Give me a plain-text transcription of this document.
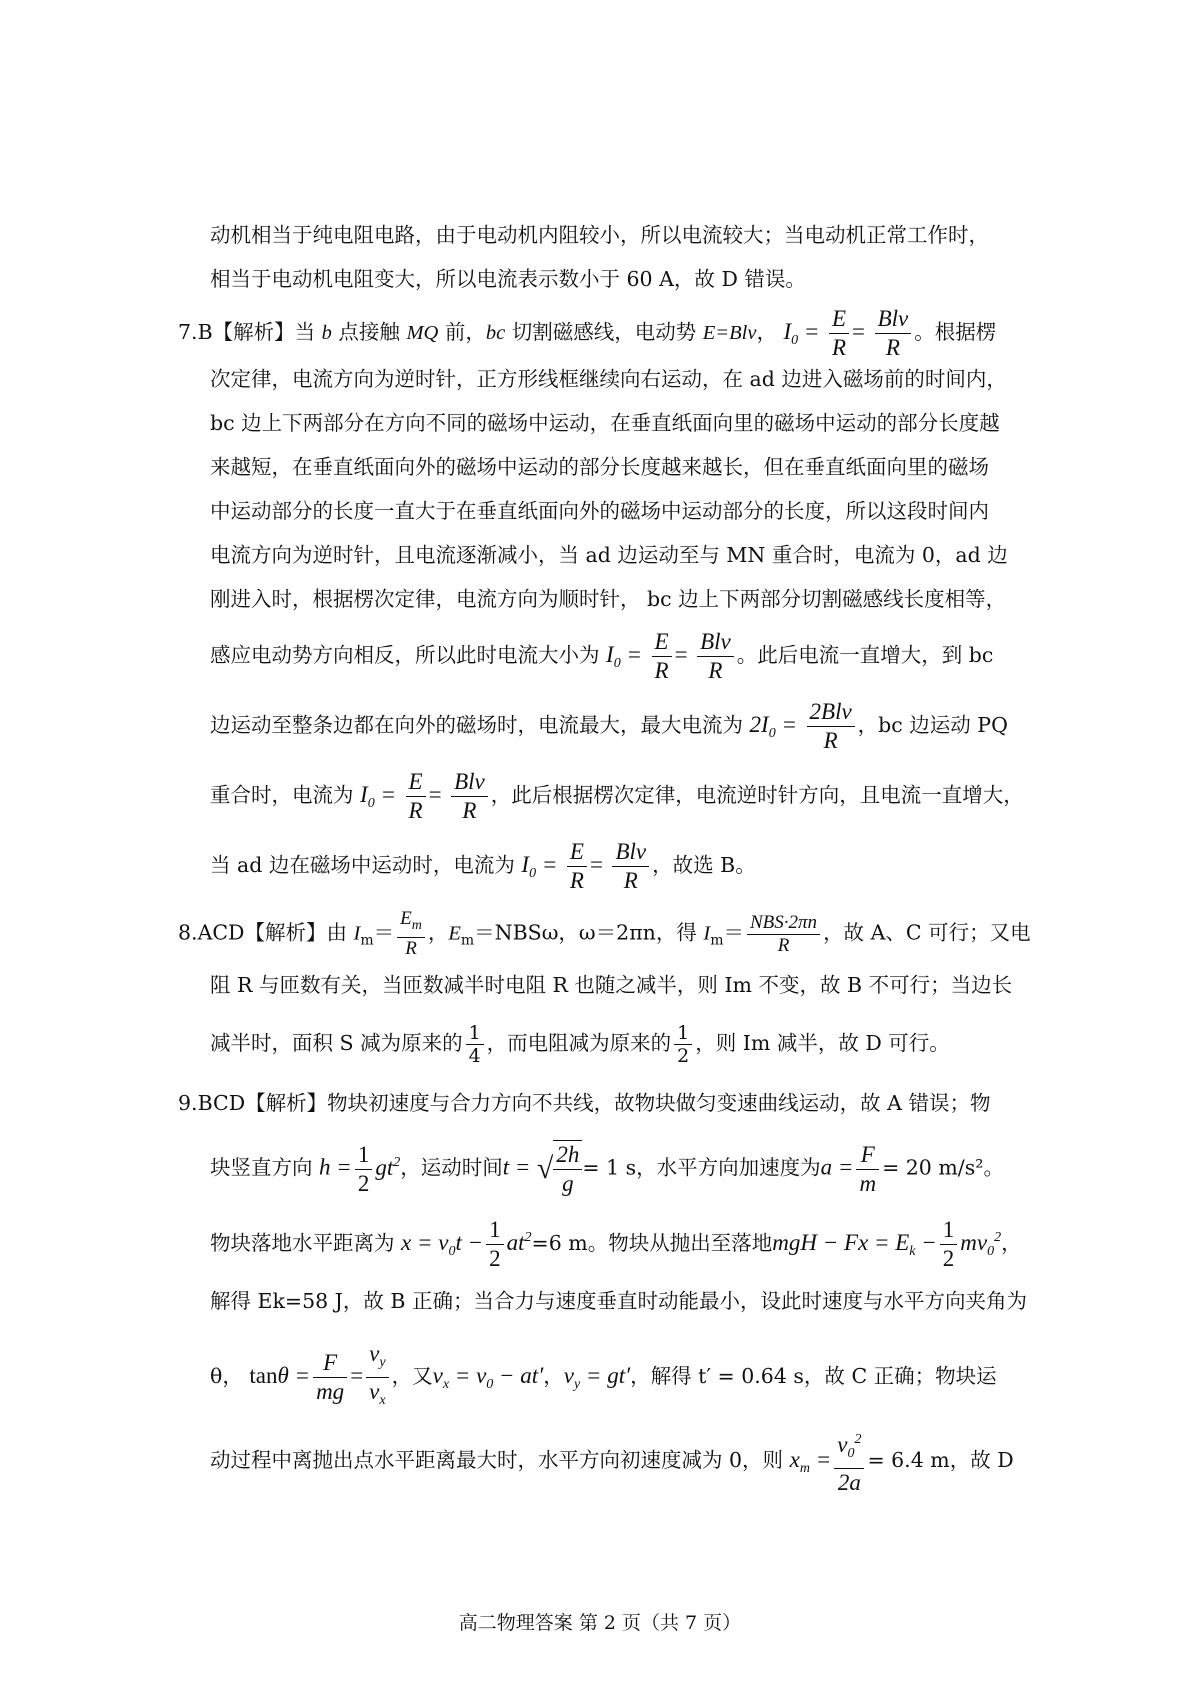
动机相当于纯电阻电路，由于电动机内阻较小，所以电流较大；当电动机正常工作时，
相当于电动机电阻变大，所以电流表示数小于 60 A，故 D 错误。
7.B【解析】当 b 点接触 MQ 前，bc 切割磁感线，电动势 E=Blv， $I_0 = \frac{E}{R} = \frac{\text{Blv}}{R}$ 。根据楞
次定律，电流方向为逆时针，正方形线框继续向右运动，在 ad 边进入磁场前的时间内，
bc 边上下两部分在方向不同的磁场中运动，在垂直纸面向里的磁场中运动的部分长度越
来越短，在垂直纸面向外的磁场中运动的部分长度越来越长，但在垂直纸面向里的磁场
中运动部分的长度一直大于在垂直纸面向外的磁场中运动部分的长度，所以这段时间内
电流方向为逆时针，且电流逐渐减小，当 ad 边运动至与 MN 重合时，电流为 0，ad 边
刚进入时，根据楞次定律，电流方向为顺时针， bc 边上下两部分切割磁感线长度相等，
感应电动势方向相反，所以此时电流大小为 $I_0 = \frac{E}{R} = \frac{\text{Blv}}{R}$ 。此后电流一直增大，到 bc
边运动至整条边都在向外的磁场时，电流最大，最大电流为 $2I_0 = \frac{\text{2Blv}}{R}$ ，bc 边运动 PQ
重合时，电流为 $I_0 = \frac{E}{R} = \frac{\text{Blv}}{R}$ ，此后根据楞次定律，电流逆时针方向，且电流一直增大，
当 ad 边在磁场中运动时，电流为 $I_0 = \frac{E}{R} = \frac{\text{Blv}}{R}$ ，故选 B。
8.ACD【解析】由 $I_m= \frac{E_m}{R}$ ，$E_m=NBS\omega$，ω＝2πn，得 $I_m= \frac{\text{NBS·2πn}}{R}$ ，故 A、C 可行；又电
阻 R 与匝数有关，当匝数减半时电阻 R 也随之减半，则 Im 不变，故 B 不可行；当边长
减半时，面积 S 减为原来的 $\frac{1}{4}$ ，而电阻减为原来的 $\frac{1}{2}$ ，则 Im 减半，故 D 可行。
9.BCD【解析】物块初速度与合力方向不共线，故物块做匀变速曲线运动，故 A 错误；物
块竖直方向 $h = \frac{1}{2} gt^2$，运动时间t = √ $\frac{2h}{g} = 1$ s，水平方向加速度为$a = \frac{F}{m} = 20$ m/s²。
物块落地水平距离为 $x = v_0t - \frac{1}{2} at^2=6$ m。物块从抛出至落地mgH − $Fx = E_k - \frac{1}{2} mv_0^2$，
解得 Ek=58 J，故 B 正确；当合力与速度垂直时动能最小，设此时速度与水平方向夹角为
θ， $\tan\theta = \frac{F}{mg} = \frac{v_y}{v_x}$ ，又$v_x = v_0 - at'$，$v_y = gt'$，解得 t′ = 0.64 s，故 C 正确；物块运
动过程中离抛出点水平距离最大时，水平方向初速度减为 0，则 $x_m = \frac{v_0^2}{2a} = 6.4$ m，故 D
高二物理答案 第 2 页（共 7 页）
